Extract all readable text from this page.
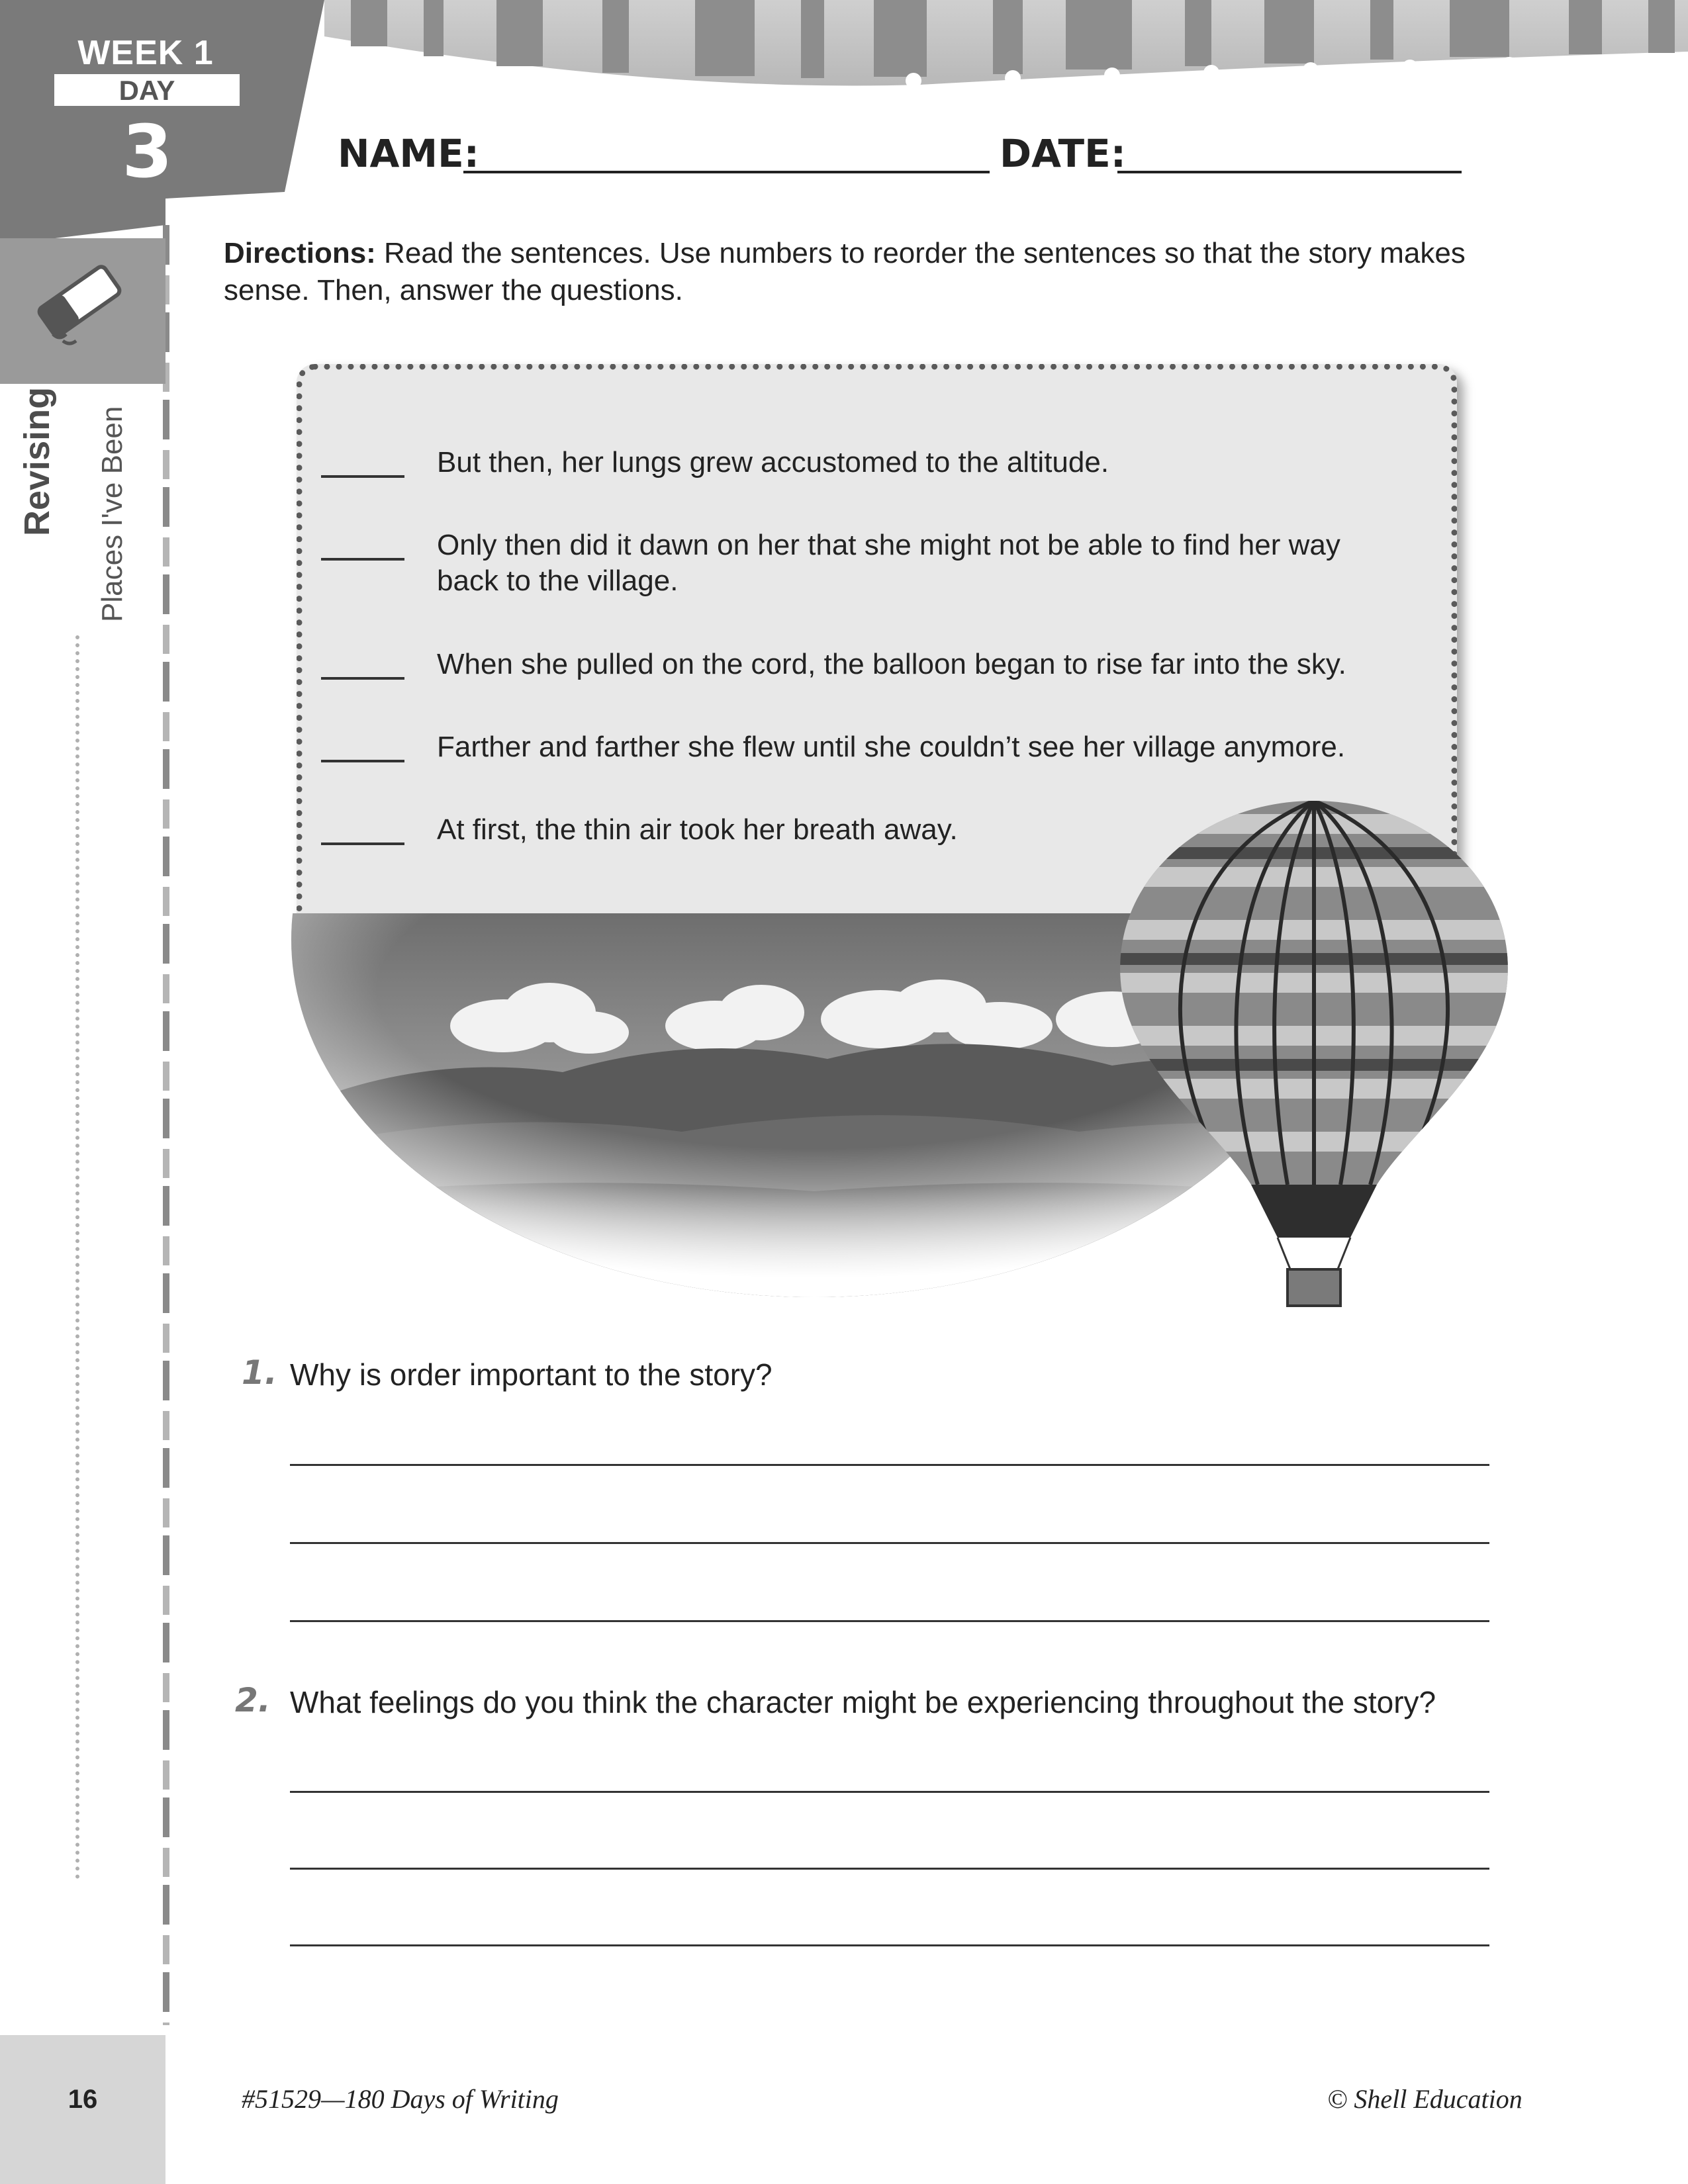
WEEK 1
DAY
3
Revising Places I've Been
16
NAME:	DATE:
Directions: Read the sentences. Use numbers to reorder the sentences so that the story makes sense. Then, answer the questions.
But then, her lungs grew accustomed to the altitude.
Only then did it dawn on her that she might not be able to find her way back to the village.
When she pulled on the cord, the balloon began to rise far into the sky.
Farther and farther she flew until she couldn’t see her village anymore.
At first, the thin air took her breath away.
1. Why is order important to the story?
2. What feelings do you think the character might be experiencing throughout the story?
#51529—180 Days of Writing	© Shell Education
